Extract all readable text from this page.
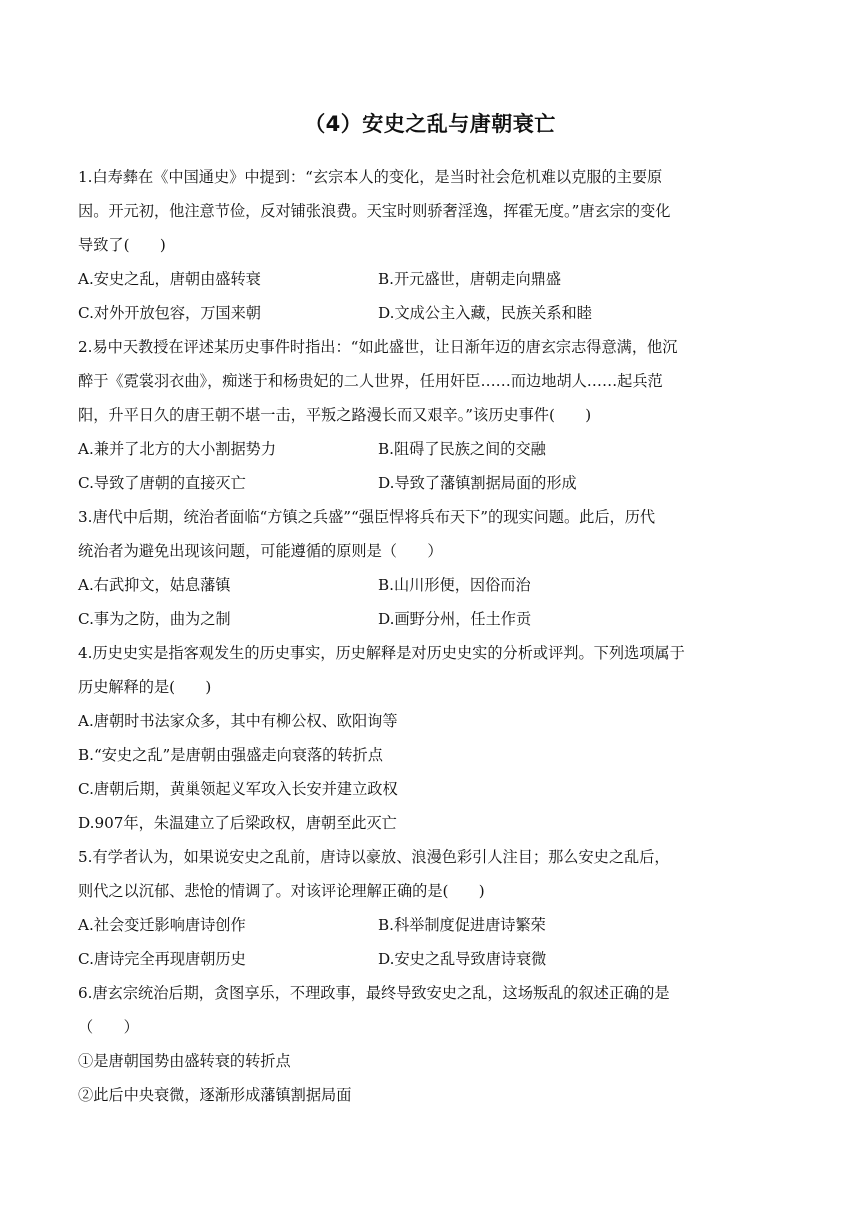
（4）安史之乱与唐朝衰亡
1.白寿彝在《中国通史》中提到：“玄宗本人的变化，是当时社会危机难以克服的主要原
因。开元初，他注意节俭，反对铺张浪费。天宝时则骄奢淫逸，挥霍无度。”唐玄宗的变化
导致了(　　)
A.安史之乱，唐朝由盛转衰	B.开元盛世，唐朝走向鼎盛
C.对外开放包容，万国来朝	D.文成公主入藏，民族关系和睦
2.易中天教授在评述某历史事件时指出：“如此盛世，让日渐年迈的唐玄宗志得意满，他沉
醉于《霓裳羽衣曲》，痴迷于和杨贵妃的二人世界，任用奸臣……而边地胡人……起兵范
阳，升平日久的唐王朝不堪一击，平叛之路漫长而又艰辛。”该历史事件(　　)
A.兼并了北方的大小割据势力	B.阻碍了民族之间的交融
C.导致了唐朝的直接灭亡	D.导致了藩镇割据局面的形成
3.唐代中后期，统治者面临“方镇之兵盛”“强臣悍将兵布天下”的现实问题。此后，历代
统治者为避免出现该问题，可能遵循的原则是（　　）
A.右武抑文，姑息藩镇	B.山川形便，因俗而治
C.事为之防，曲为之制	D.画野分州，任土作贡
4.历史史实是指客观发生的历史事实，历史解释是对历史史实的分析或评判。下列选项属于
历史解释的是(　　)
A.唐朝时书法家众多，其中有柳公权、欧阳询等
B.“安史之乱”是唐朝由强盛走向衰落的转折点
C.唐朝后期，黄巢领起义军攻入长安并建立政权
D.907年，朱温建立了后梁政权，唐朝至此灭亡
5.有学者认为，如果说安史之乱前，唐诗以豪放、浪漫色彩引人注目；那么安史之乱后，
则代之以沉郁、悲怆的情调了。对该评论理解正确的是(　　)
A.社会变迁影响唐诗创作	B.科举制度促进唐诗繁荣
C.唐诗完全再现唐朝历史	D.安史之乱导致唐诗衰微
6.唐玄宗统治后期，贪图享乐，不理政事，最终导致安史之乱，这场叛乱的叙述正确的是
（　　）
①是唐朝国势由盛转衰的转折点
②此后中央衰微，逐渐形成藩镇割据局面
